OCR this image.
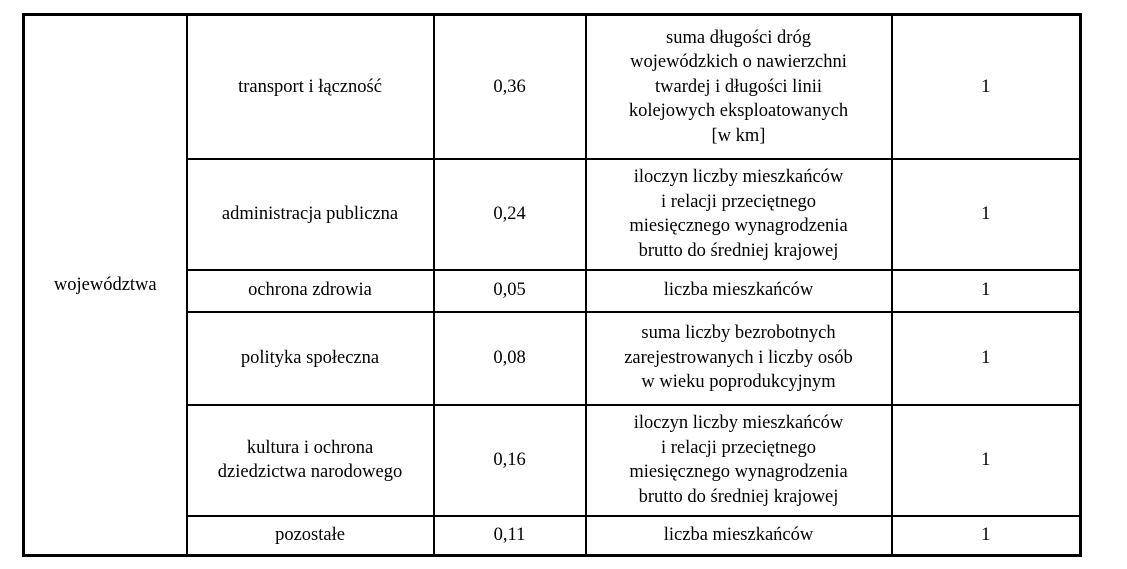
województwa	transport i łączność	0,36	suma długości dróg
wojewódzkich o nawierzchni
twardej i długości linii
kolejowych eksploatowanych
[w km]	1

	administracja publiczna	0,24	iloczyn liczby mieszkańców
i relacji przeciętnego
miesięcznego wynagrodzenia
brutto do średniej krajowej	1

	ochrona zdrowia	0,05	liczba mieszkańców	1

	polityka społeczna	0,08	suma liczby bezrobotnych
zarejestrowanych i liczby osób
w wieku poprodukcyjnym	1

	kultura i ochrona
dziedzictwa narodowego	0,16	iloczyn liczby mieszkańców
i relacji przeciętnego
miesięcznego wynagrodzenia
brutto do średniej krajowej	1

	pozostałe	0,11	liczba mieszkańców	1
